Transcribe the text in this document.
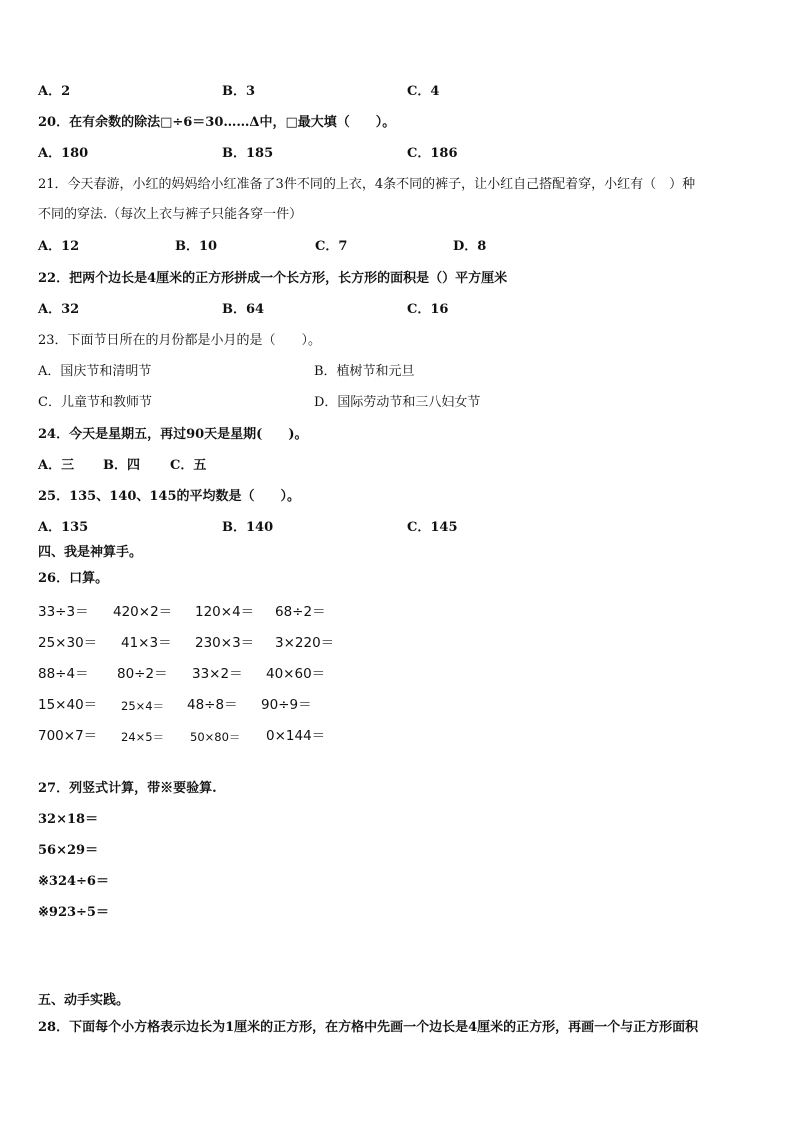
A．2	B．3	C．4
20．在有余数的除法□÷6＝30……Δ中，□最大填（　　）。
A．180	B．185	C．186
21．今天春游，小红的妈妈给小红准备了3件不同的上衣，4条不同的裤子，让小红自己搭配着穿，小红有（　）种
不同的穿法.（每次上衣与裤子只能各穿一件）
A．12	B．10	C．7	D．8
22．把两个边长是4厘米的正方形拼成一个长方形，长方形的面积是（）平方厘米
A．32	B．64	C．16
23．下面节日所在的月份都是小月的是（　　）。
A．国庆节和清明节	B．植树节和元旦
C．儿童节和教师节	D．国际劳动节和三八妇女节
24．今天是星期五，再过90天是星期(　　)。
A．三 B．四 C．五
25．135、140、145的平均数是（　　）。
A．135	B．140	C．145
四、我是神算手。
26．口算。
33÷3＝ 420×2＝ 120×4＝ 68÷2＝
25×30＝ 41×3＝ 230×3＝ 3×220＝
88÷4＝ 80÷2＝ 33×2＝ 40×60＝
15×40＝ 25×4＝ 48÷8＝ 90÷9＝
700×7＝ 24×5＝ 50×80＝ 0×144＝
27．列竖式计算，带※要验算.
32×18＝
56×29＝
※324÷6＝
※923÷5＝
五、动手实践。
28．下面每个小方格表示边长为1厘米的正方形，在方格中先画一个边长是4厘米的正方形，再画一个与正方形面积
